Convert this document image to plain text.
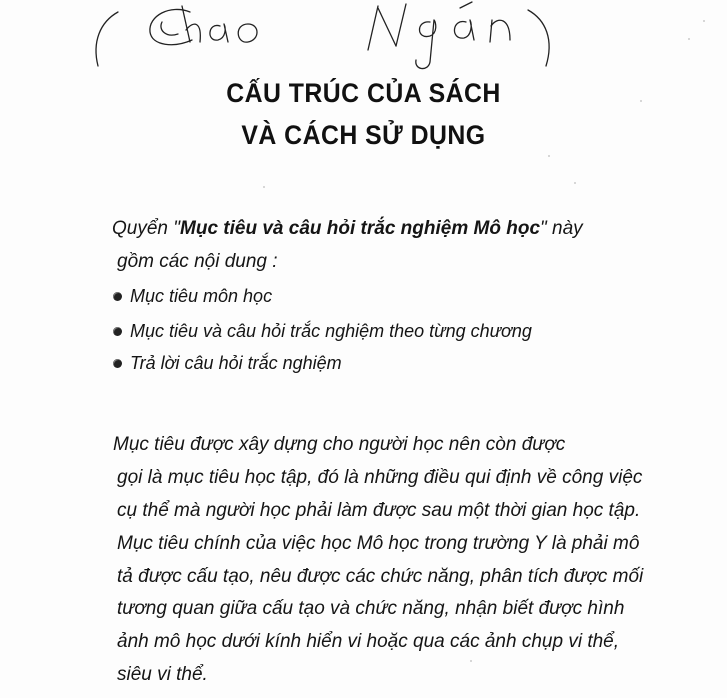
CẤU TRÚC CỦA SÁCH
VÀ CÁCH SỬ DỤNG
Quyển "Mục tiêu và câu hỏi trắc nghiệm Mô học" này
gồm các nội dung :
Mục tiêu môn học
Mục tiêu và câu hỏi trắc nghiệm theo từng chương
Trả lời câu hỏi trắc nghiệm
Mục tiêu được xây dựng cho người học nên còn được
gọi là mục tiêu học tập, đó là những điều qui định về công việc
cụ thể mà người học phải làm được sau một thời gian học tập.
Mục tiêu chính của việc học Mô học trong trường Y là phải mô
tả được cấu tạo, nêu được các chức năng, phân tích được mối
tương quan giữa cấu tạo và chức năng, nhận biết được hình
ảnh mô học dưới kính hiển vi hoặc qua các ảnh chụp vi thể,
siêu vi thể.
